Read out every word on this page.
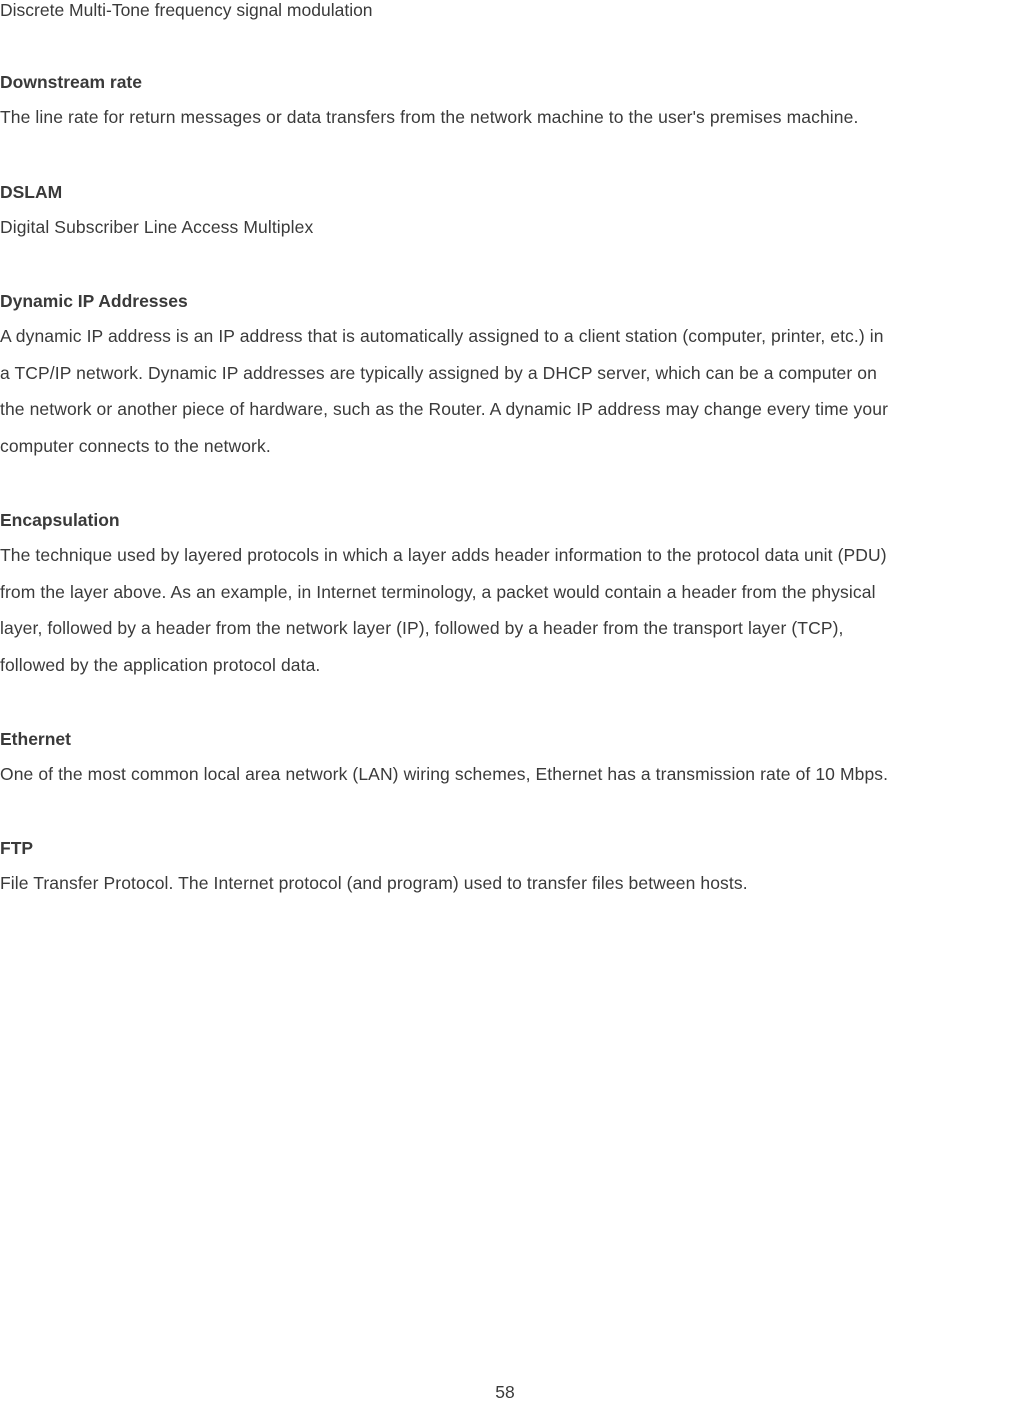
Discrete Multi-Tone frequency signal modulation
Downstream rate
The line rate for return messages or data transfers from the network machine to the user's premises machine.
DSLAM
Digital Subscriber Line Access Multiplex
Dynamic IP Addresses
A dynamic IP address is an IP address that is automatically assigned to a client station (computer, printer, etc.) in
a TCP/IP network. Dynamic IP addresses are typically assigned by a DHCP server, which can be a computer on
the network or another piece of hardware, such as the Router. A dynamic IP address may change every time your
computer connects to the network.
Encapsulation
The technique used by layered protocols in which a layer adds header information to the protocol data unit (PDU)
from the layer above. As an example, in Internet terminology, a packet would contain a header from the physical
layer, followed by a header from the network layer (IP), followed by a header from the transport layer (TCP),
followed by the application protocol data.
Ethernet
One of the most common local area network (LAN) wiring schemes, Ethernet has a transmission rate of 10 Mbps.
FTP
File Transfer Protocol. The Internet protocol (and program) used to transfer files between hosts.
58
